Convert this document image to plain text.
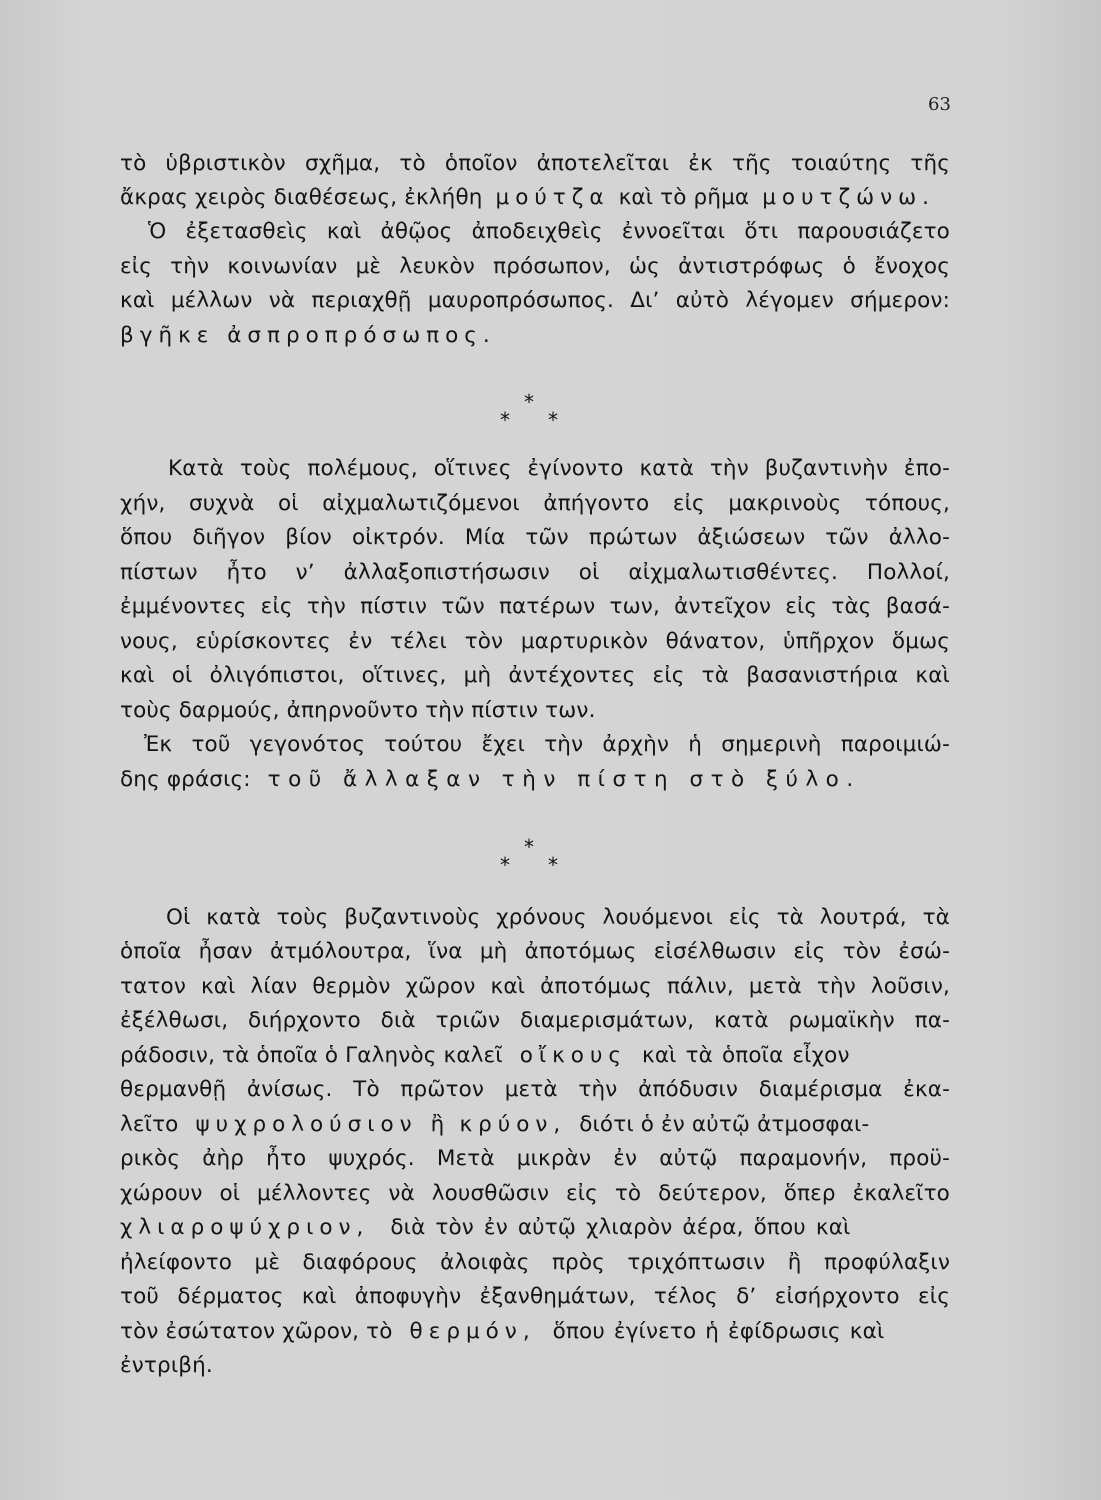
63
τὸ ὑβριστικὸν σχῆμα, τὸ ὁποῖον ἀποτελεῖται ἐκ τῆς τοιαύτης τῆς
ἄκρας χειρὸς διαθέσεως, ἐκλήθη μούτζα καὶ τὸ ρῆμα μουτζώνω.
Ὁ ἐξετασθεὶς καὶ ἀθῷος ἀποδειχθεὶς ἐννοεῖται ὅτι παρουσιάζετο
εἰς τὴν κοινωνίαν μὲ λευκὸν πρόσωπον, ὡς ἀντιστρόφως ὁ ἔνοχος
καὶ μέλλων νὰ περιαχθῇ μαυροπρόσωπος. Διʼ αὐτὸ λέγομεν σήμερον:
βγῆκε ἀσπροπρόσωπος.
*
* *
Κατὰ τοὺς πολέμους, οἵτινες ἐγίνοντο κατὰ τὴν βυζαντινὴν ἐπο-
χήν, συχνὰ οἱ αἰχμαλωτιζόμενοι ἀπήγοντο εἰς μακρινοὺς τόπους,
ὅπου διῆγον βίον οἰκτρόν. Μία τῶν πρώτων ἀξιώσεων τῶν ἀλλο-
πίστων ἦτο νʼ ἀλλαξοπιστήσωσιν οἱ αἰχμαλωτισθέντες. Πολλοί,
ἐμμένοντες εἰς τὴν πίστιν τῶν πατέρων των, ἀντεῖχον εἰς τὰς βασά-
νους, εὑρίσκοντες ἐν τέλει τὸν μαρτυρικὸν θάνατον, ὑπῆρχον ὅμως
καὶ οἱ ὀλιγόπιστοι, οἵτινες, μὴ ἀντέχοντες εἰς τὰ βασανιστήρια καὶ
τοὺς δαρμούς, ἀπηρνοῦντο τὴν πίστιν των.
Ἐκ τοῦ γεγονότος τούτου ἔχει τὴν ἀρχὴν ἡ σημερινὴ παροιμιώ-
δης φράσις: τοῦ ἄλλαξαν τὴν πίστη στὸ ξύλο.
*
* *
Οἱ κατὰ τοὺς βυζαντινοὺς χρόνους λουόμενοι εἰς τὰ λουτρά, τὰ
ὁποῖα ἦσαν ἀτμόλουτρα, ἵνα μὴ ἀποτόμως εἰσέλθωσιν εἰς τὸν ἐσώ-
τατον καὶ λίαν θερμὸν χῶρον καὶ ἀποτόμως πάλιν, μετὰ τὴν λοῦσιν,
ἐξέλθωσι, διήρχοντο διὰ τριῶν διαμερισμάτων, κατὰ ρωμαϊκὴν πα-
ράδοσιν, τὰ ὁποῖα ὁ Γαληνὸς καλεῖ οἴκους καὶ τὰ ὁποῖα εἶχον
θερμανθῇ ἀνίσως. Τὸ πρῶτον μετὰ τὴν ἀπόδυσιν διαμέρισμα ἐκα-
λεῖτο ψυχρολούσιον ἢ κρύον, διότι ὁ ἐν αὐτῷ ἀτμοσφαι-
ρικὸς ἀὴρ ἦτο ψυχρός. Μετὰ μικρὰν ἐν αὐτῷ παραμονήν, προϋ-
χώρουν οἱ μέλλοντες νὰ λουσθῶσιν εἰς τὸ δεύτερον, ὅπερ ἐκαλεῖτο
χλιαροψύχριον, διὰ τὸν ἐν αὐτῷ χλιαρὸν ἀέρα, ὅπου καὶ
ἠλείφοντο μὲ διαφόρους ἀλοιφὰς πρὸς τριχόπτωσιν ἢ προφύλαξιν
τοῦ δέρματος καὶ ἀποφυγὴν ἐξανθημάτων, τέλος δʼ εἰσήρχοντο εἰς
τὸν ἐσώτατον χῶρον, τὸ θερμόν, ὅπου ἐγίνετο ἡ ἐφίδρωσις καὶ
ἐντριβή.
